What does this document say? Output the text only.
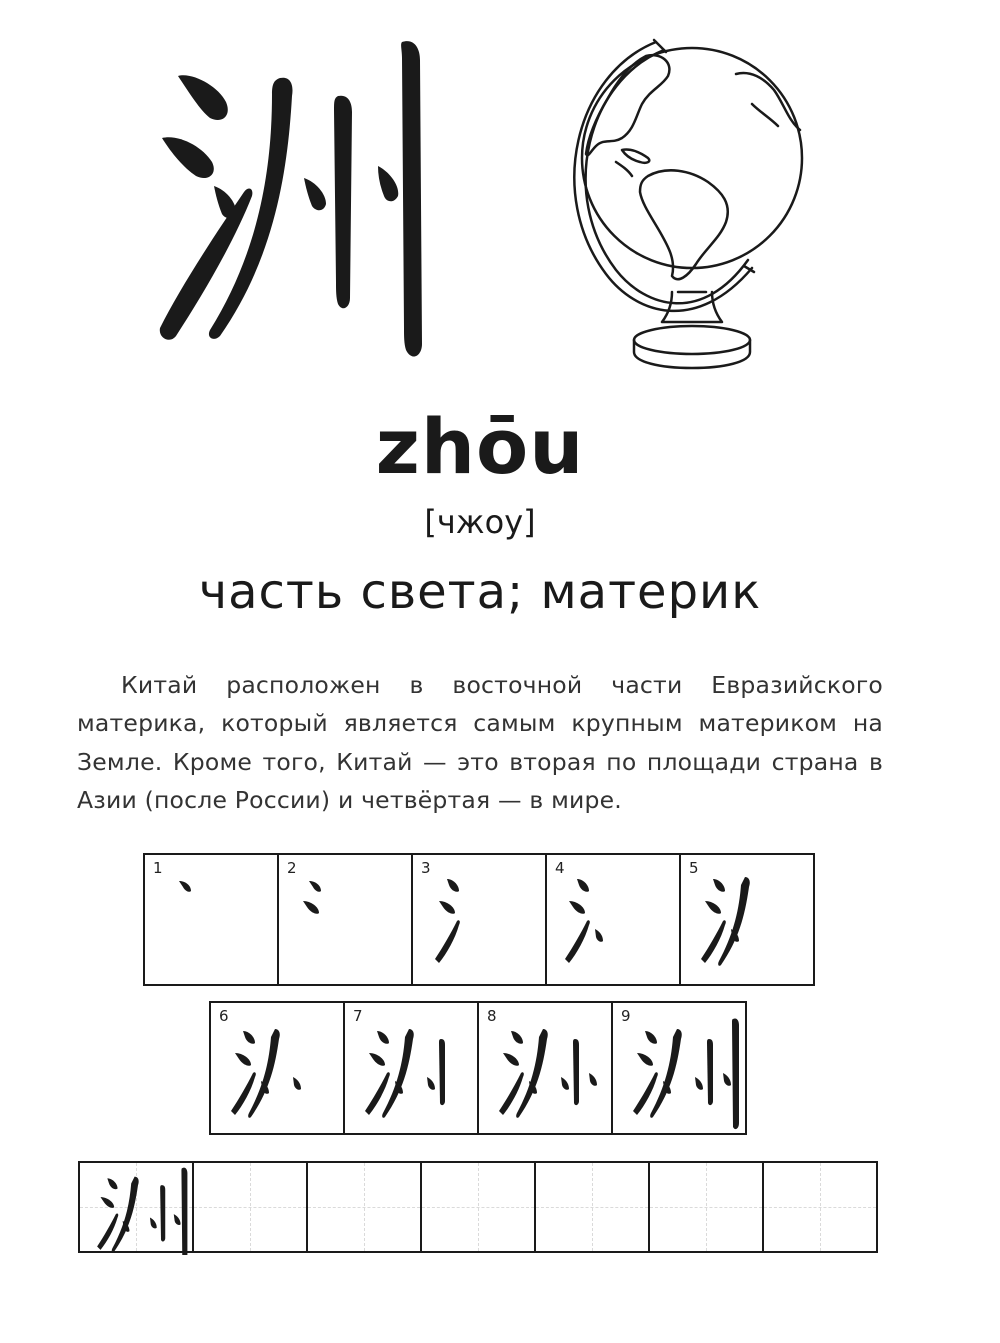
zhōu
[чжоу]
часть света; материк
Китай расположен в восточной части Евразийского материка, который является самым крупным материком на Земле. Кроме того, Китай — это вторая по площади страна в Азии (после России) и четвёртая — в мире.
1	2	3	4	5
6	7	8	9
